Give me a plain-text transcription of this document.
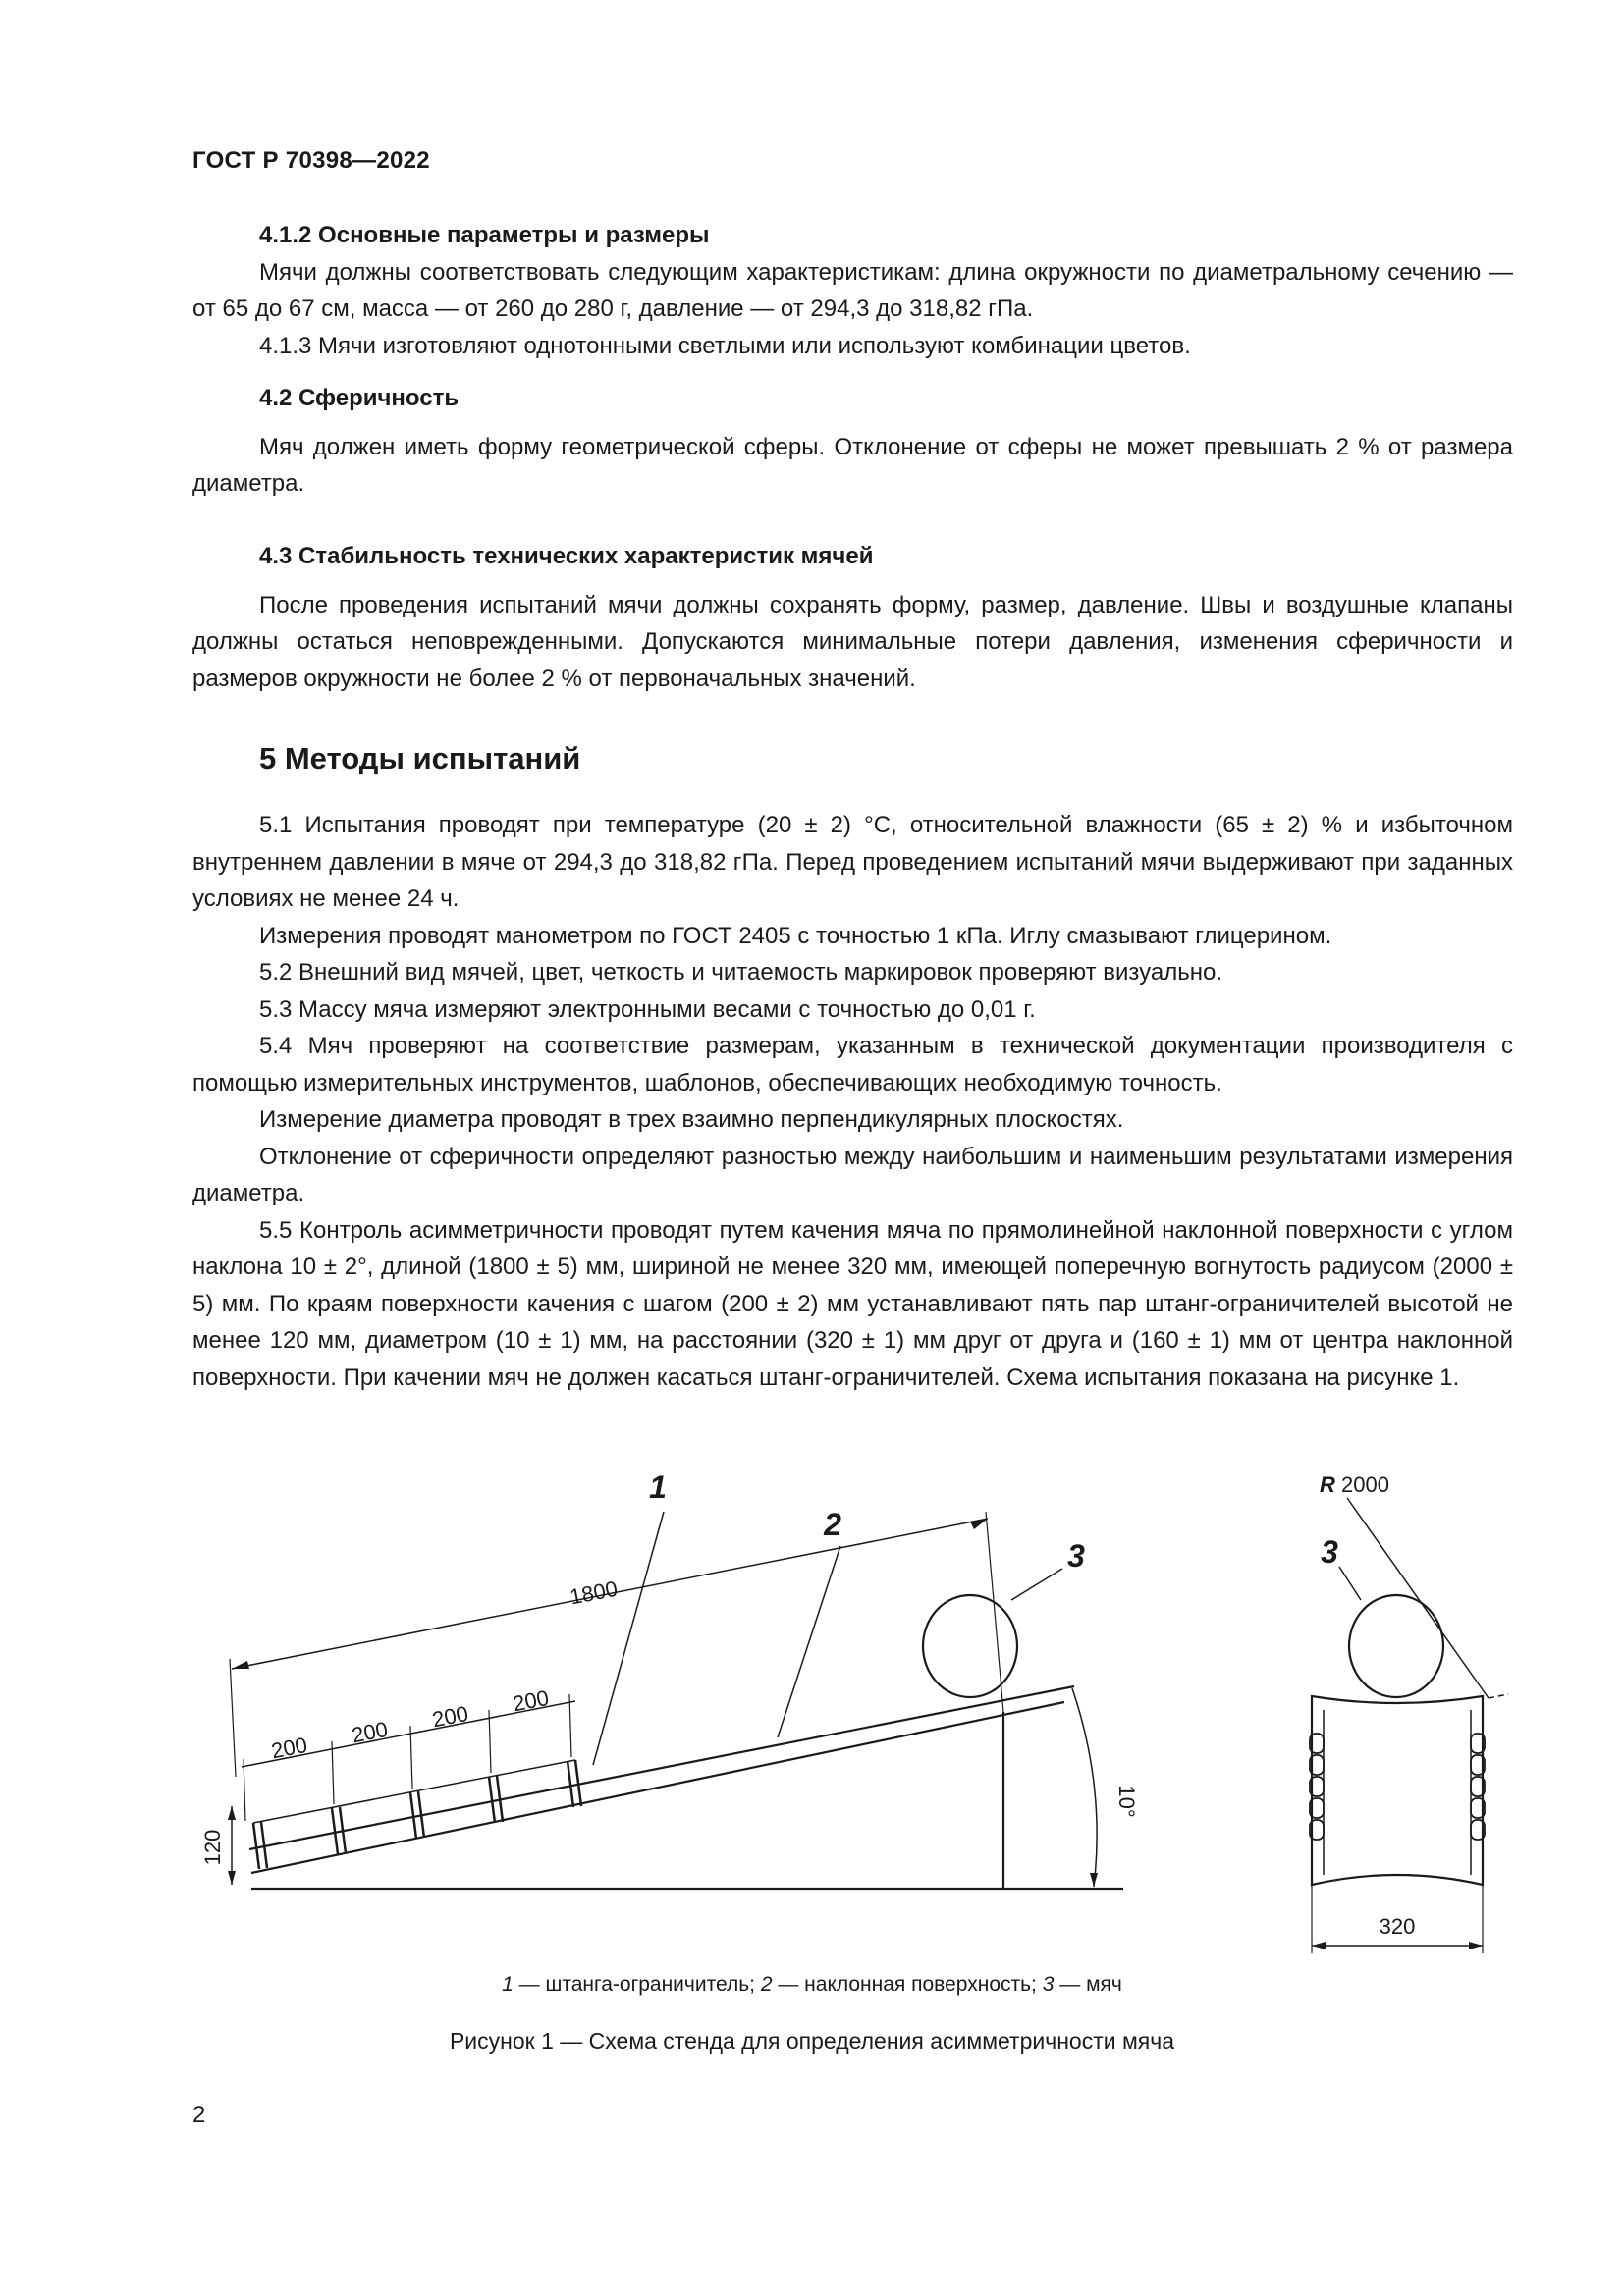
ГОСТ Р 70398—2022

4.1.2 Основные параметры и размеры

Мячи должны соответствовать следующим характеристикам: длина окружности по диаметральному сечению — от 65 до 67 см, масса — от 260 до 280 г, давление — от 294,3 до 318,82 гПа.

4.1.3 Мячи изготовляют однотонными светлыми или используют комбинации цветов.

4.2 Сферичность

Мяч должен иметь форму геометрической сферы. Отклонение от сферы не может превышать 2 % от размера диаметра.

4.3 Стабильность технических характеристик мячей

После проведения испытаний мячи должны сохранять форму, размер, давление. Швы и воздушные клапаны должны остаться неповрежденными. Допускаются минимальные потери давления, изменения сферичности и размеров окружности не более 2 % от первоначальных значений.

5 Методы испытаний

5.1 Испытания проводят при температуре (20 ± 2) °С, относительной влажности (65 ± 2) % и избыточном внутреннем давлении в мяче от 294,3 до 318,82 гПа. Перед проведением испытаний мячи выдерживают при заданных условиях не менее 24 ч.

Измерения проводят манометром по ГОСТ 2405 с точностью 1 кПа. Иглу смазывают глицерином.

5.2 Внешний вид мячей, цвет, четкость и читаемость маркировок проверяют визуально.

5.3 Массу мяча измеряют электронными весами с точностью до 0,01 г.

5.4 Мяч проверяют на соответствие размерам, указанным в технической документации производителя с помощью измерительных инструментов, шаблонов, обеспечивающих необходимую точность.

Измерение диаметра проводят в трех взаимно перпендикулярных плоскостях.

Отклонение от сферичности определяют разностью между наибольшим и наименьшим результатами измерения диаметра.

5.5 Контроль асимметричности проводят путем качения мяча по прямолинейной наклонной поверхности с углом наклона 10 ± 2°, длиной (1800 ± 5) мм, шириной не менее 320 мм, имеющей поперечную вогнутость радиусом (2000 ± 5) мм. По краям поверхности качения с шагом (200 ± 2) мм устанавливают пять пар штанг-ограничителей высотой не менее 120 мм, диаметром (10 ± 1) мм, на расстоянии (320 ± 1) мм друг от друга и (160 ± 1) мм от центра наклонной поверхности. При качении мяч не должен касаться штанг-ограничителей. Схема испытания показана на рисунке 1.

1800
200
200
200
200
120
10°
320
R 2000
1
2
3	3
1 — штанга-ограничитель; 2 — наклонная поверхность; 3 — мяч
Рисунок 1 — Схема стенда для определения асимметричности мяча
2
